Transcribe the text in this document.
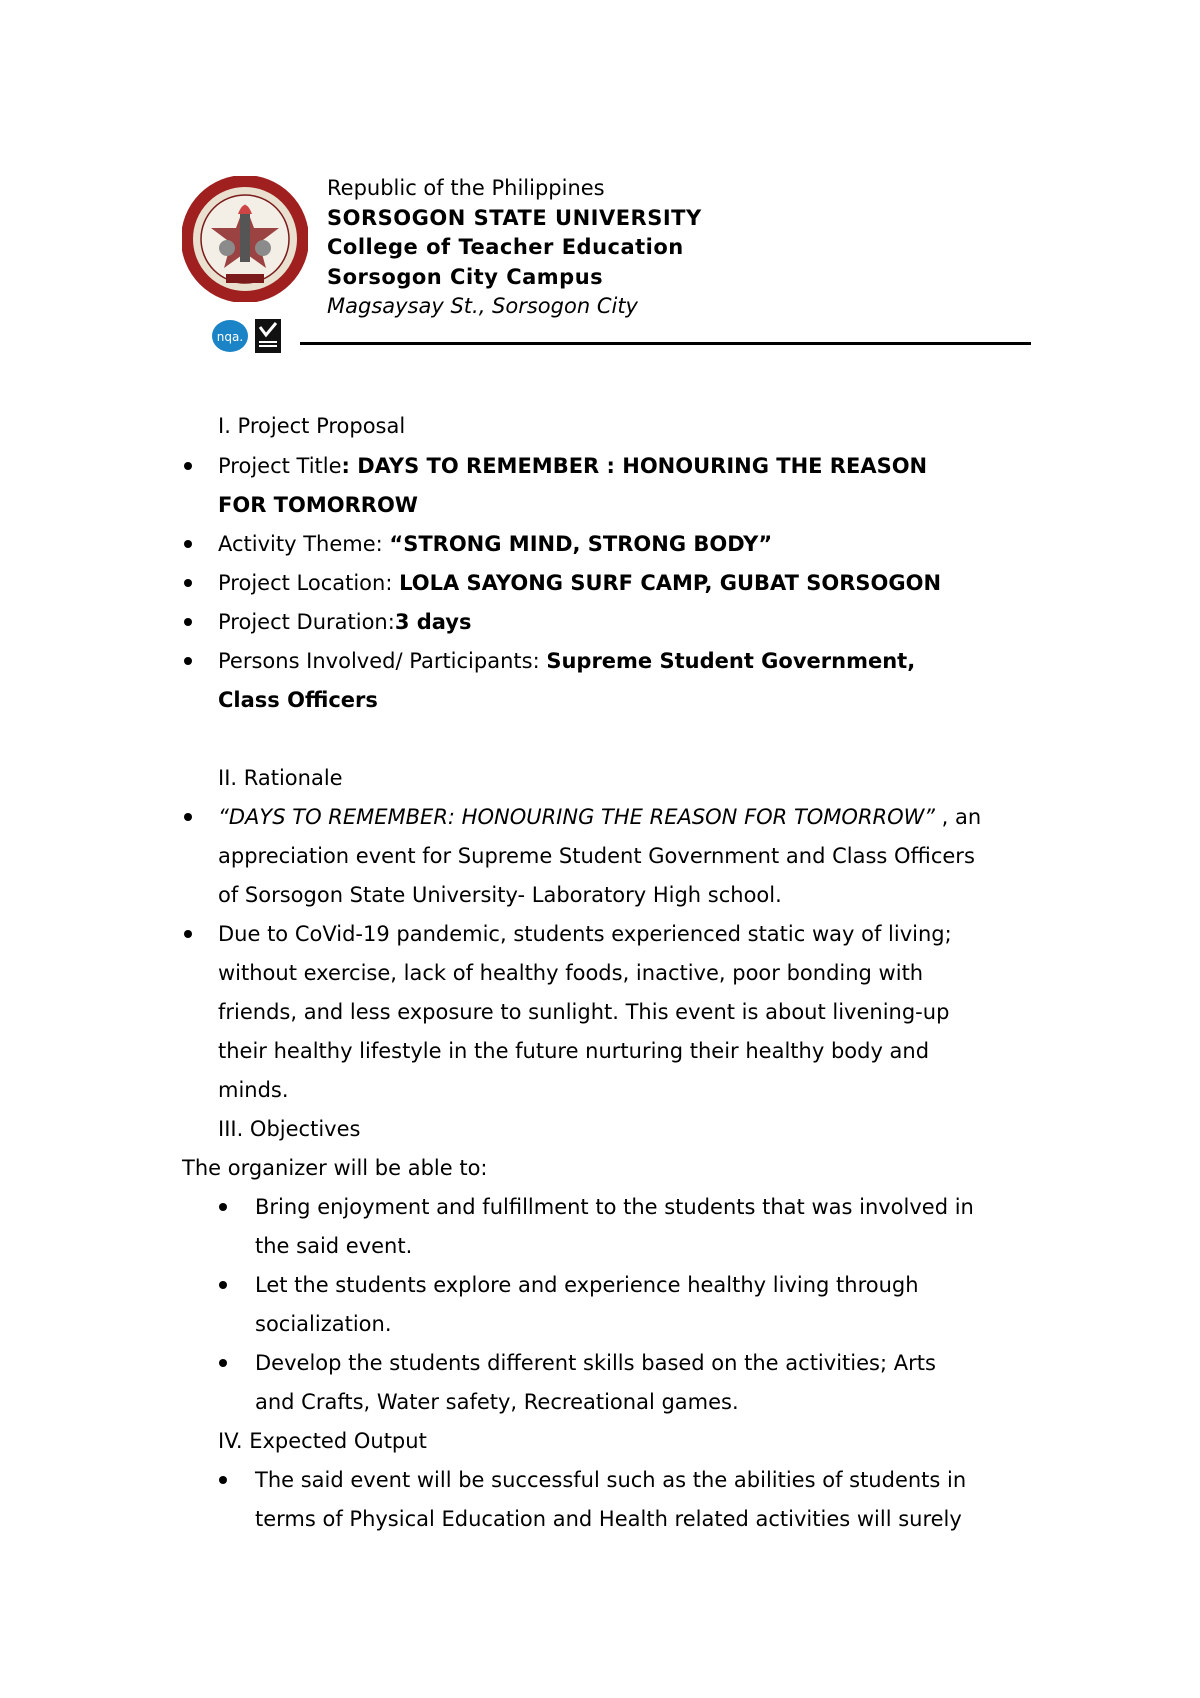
nqa.
Republic of the Philippines
SORSOGON STATE UNIVERSITY
College of Teacher Education
Sorsogon City Campus
Magsaysay St., Sorsogon City
I. Project Proposal
Project Title: DAYS TO REMEMBER : HONOURING THE REASON
FOR TOMORROW
Activity Theme: “STRONG MIND, STRONG BODY”
Project Location: LOLA SAYONG SURF CAMP, GUBAT SORSOGON
Project Duration:3 days
Persons Involved/ Participants: Supreme Student Government,
Class Officers
II. Rationale
“DAYS TO REMEMBER: HONOURING THE REASON FOR TOMORROW” , an
appreciation event for Supreme Student Government and Class Officers
of Sorsogon State University- Laboratory High school.
Due to CoVid-19 pandemic, students experienced static way of living;
without exercise, lack of healthy foods, inactive, poor bonding with
friends, and less exposure to sunlight. This event is about livening-up
their healthy lifestyle in the future nurturing their healthy body and
minds.
III. Objectives
The organizer will be able to:
Bring enjoyment and fulfillment to the students that was involved in
the said event.
Let the students explore and experience healthy living through
socialization.
Develop the students different skills based on the activities; Arts
and Crafts, Water safety, Recreational games.
IV. Expected Output
The said event will be successful such as the abilities of students in
terms of Physical Education and Health related activities will surely
